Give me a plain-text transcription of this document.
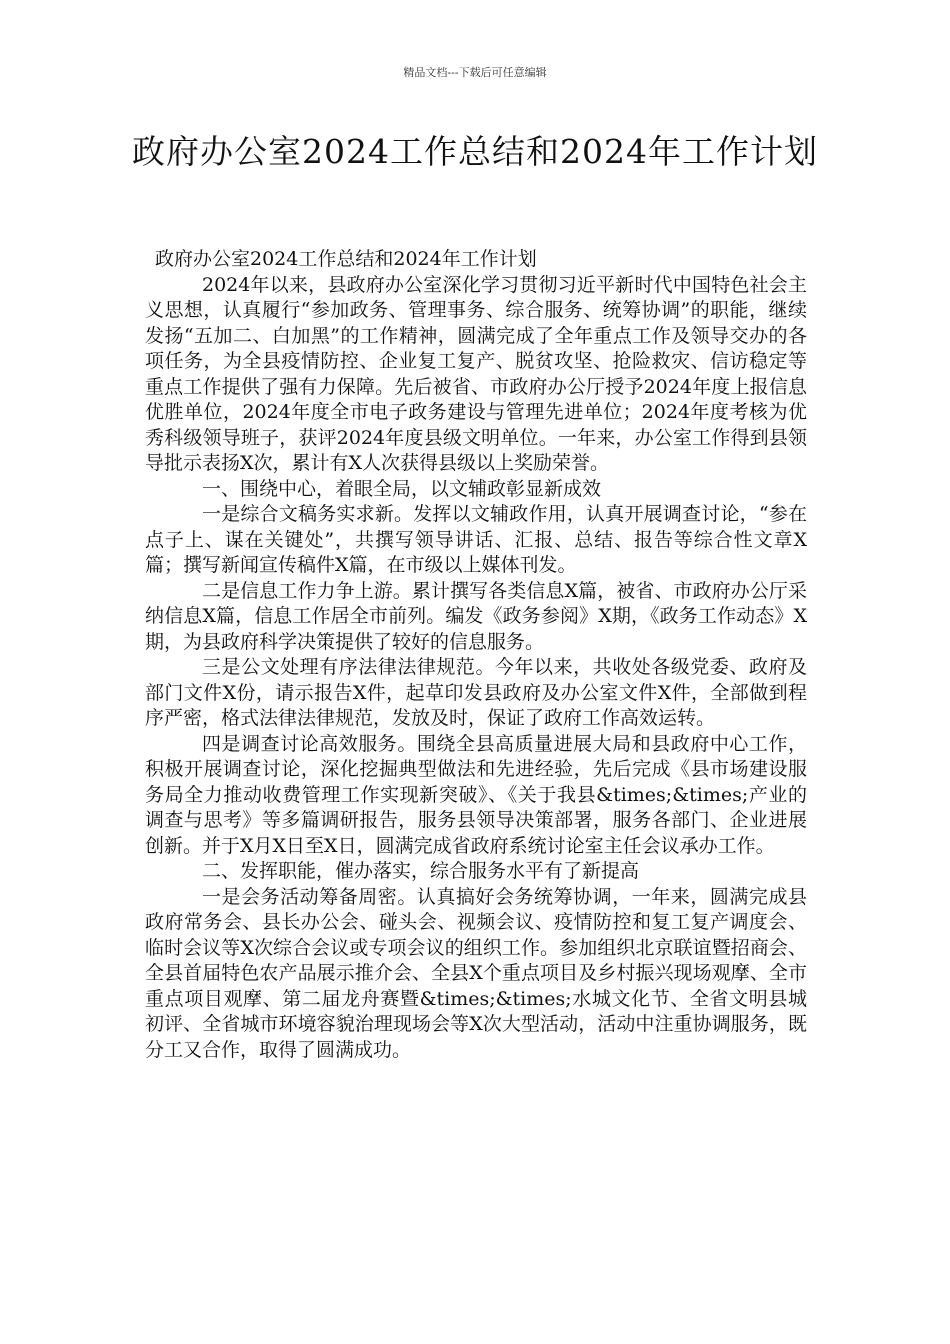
精品文档---下载后可任意编辑
政府办公室2024工作总结和2024年工作计划

政府办公室2024工作总结和2024年工作计划

2024年以来，县政府办公室深化学习贯彻习近平新时代中国特色社会主义思想，认真履行“参加政务、管理事务、综合服务、统筹协调”的职能，继续发扬“五加二、白加黑”的工作精神，圆满完成了全年重点工作及领导交办的各项任务，为全县疫情防控、企业复工复产、脱贫攻坚、抢险救灾、信访稳定等重点工作提供了强有力保障。先后被省、市政府办公厅授予2024年度上报信息优胜单位，2024年度全市电子政务建设与管理先进单位；2024年度考核为优秀科级领导班子，获评2024年度县级文明单位。一年来，办公室工作得到县领导批示表扬X次，累计有X人次获得县级以上奖励荣誉。

一、围绕中心，着眼全局，以文辅政彰显新成效

一是综合文稿务实求新。发挥以文辅政作用，认真开展调查讨论，“参在点子上、谋在关键处”，共撰写领导讲话、汇报、总结、报告等综合性文章X篇；撰写新闻宣传稿件X篇，在市级以上媒体刊发。

二是信息工作力争上游。累计撰写各类信息X篇，被省、市政府办公厅采纳信息X篇，信息工作居全市前列。编发《政务参阅》X期，《政务工作动态》X期，为县政府科学决策提供了较好的信息服务。

三是公文处理有序法律法律规范。今年以来，共收处各级党委、政府及部门文件X份，请示报告X件，起草印发县政府及办公室文件X件，全部做到程序严密，格式法律法律规范，发放及时，保证了政府工作高效运转。

四是调查讨论高效服务。围绕全县高质量进展大局和县政府中心工作，积极开展调查讨论，深化挖掘典型做法和先进经验，先后完成《县市场建设服务局全力推动收费管理工作实现新突破》、《关于我县&times;&times;产业的调查与思考》等多篇调研报告，服务县领导决策部署，服务各部门、企业进展创新。并于X月X日至X日，圆满完成省政府系统讨论室主任会议承办工作。

二、发挥职能，催办落实，综合服务水平有了新提高

一是会务活动筹备周密。认真搞好会务统筹协调，一年来，圆满完成县政府常务会、县长办公会、碰头会、视频会议、疫情防控和复工复产调度会、临时会议等X次综合会议或专项会议的组织工作。参加组织北京联谊暨招商会、全县首届特色农产品展示推介会、全县X个重点项目及乡村振兴现场观摩、全市重点项目观摩、第二届龙舟赛暨&times;&times;水城文化节、全省文明县城初评、全省城市环境容貌治理现场会等X次大型活动，活动中注重协调服务，既分工又合作，取得了圆满成功。
